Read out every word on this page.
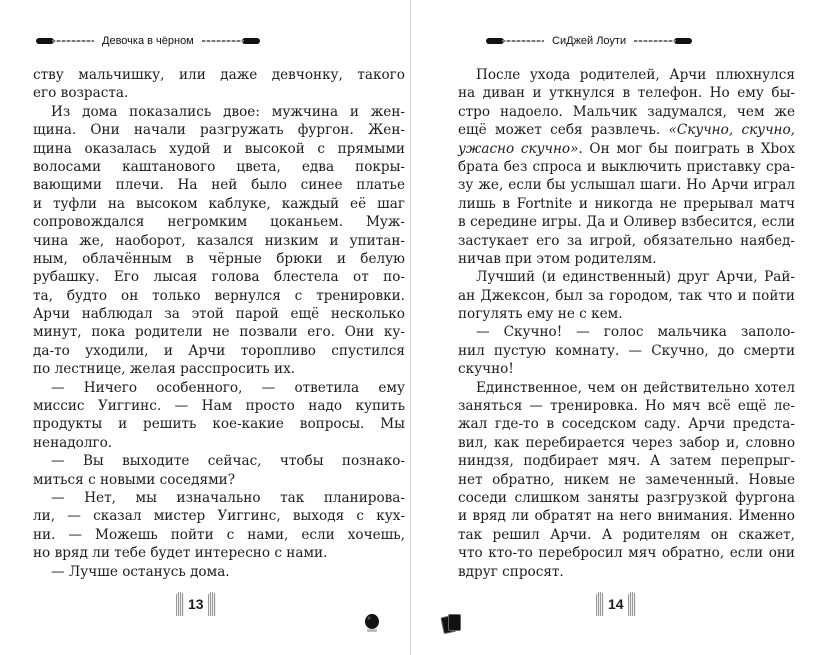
Девочка в чёрном	СиДжей Лоути
ству мальчишку, или даже девчонку, такого
его возраста.
Из дома показались двое: мужчина и жен-
щина. Они начали разгружать фургон. Жен-
щина оказалась худой и высокой с прямыми
волосами каштанового цвета, едва покры-
вающими плечи. На ней было синее платье
и туфли на высоком каблуке, каждый её шаг
сопровождался негромким цоканьем. Муж-
чина же, наоборот, казался низким и упитан-
ным, облачённым в чёрные брюки и белую
рубашку. Его лысая голова блестела от по-
та, будто он только вернулся с тренировки.
Арчи наблюдал за этой парой ещё несколько
минут, пока родители не позвали его. Они ку-
да-то уходили, и Арчи торопливо спустился
по лестнице, желая расспросить их.
— Ничего особенного, — ответила ему
миссис Уиггинс. — Нам просто надо купить
продукты и решить кое-какие вопросы. Мы
ненадолго.
— Вы выходите сейчас, чтобы познако-
миться с новыми соседями?
— Нет, мы изначально так планирова-
ли, — сказал мистер Уиггинс, выходя с кух-
ни. — Можешь пойти с нами, если хочешь,
но вряд ли тебе будет интересно с нами.
— Лучше останусь дома.
После ухода родителей, Арчи плюхнулся
на диван и уткнулся в телефон. Но ему бы-
стро надоело. Мальчик задумался, чем же
ещё может себя развлечь. «Скучно, скучно,
ужасно скучно». Он мог бы поиграть в Xbox
брата без спроса и выключить приставку сра-
зу же, если бы услышал шаги. Но Арчи играл
лишь в Fortnite и никогда не прерывал матч
в середине игры. Да и Оливер взбесится, если
застукает его за игрой, обязательно наябед-
ничав при этом родителям.
Лучший (и единственный) друг Арчи, Рай-
ан Джексон, был за городом, так что и пойти
погулять ему не с кем.
— Скучно! — голос мальчика заполо-
нил пустую комнату. — Скучно, до смерти
скучно!
Единственное, чем он действительно хотел
заняться — тренировка. Но мяч всё ещё ле-
жал где-то в соседском саду. Арчи предста-
вил, как перебирается через забор и, словно
ниндзя, подбирает мяч. А затем перепрыг-
нет обратно, никем не замеченный. Новые
соседи слишком заняты разгрузкой фургона
и вряд ли обратят на него внимания. Именно
так решил Арчи. А родителям он скажет,
что кто-то перебросил мяч обратно, если они
вдруг спросят.
13	14
